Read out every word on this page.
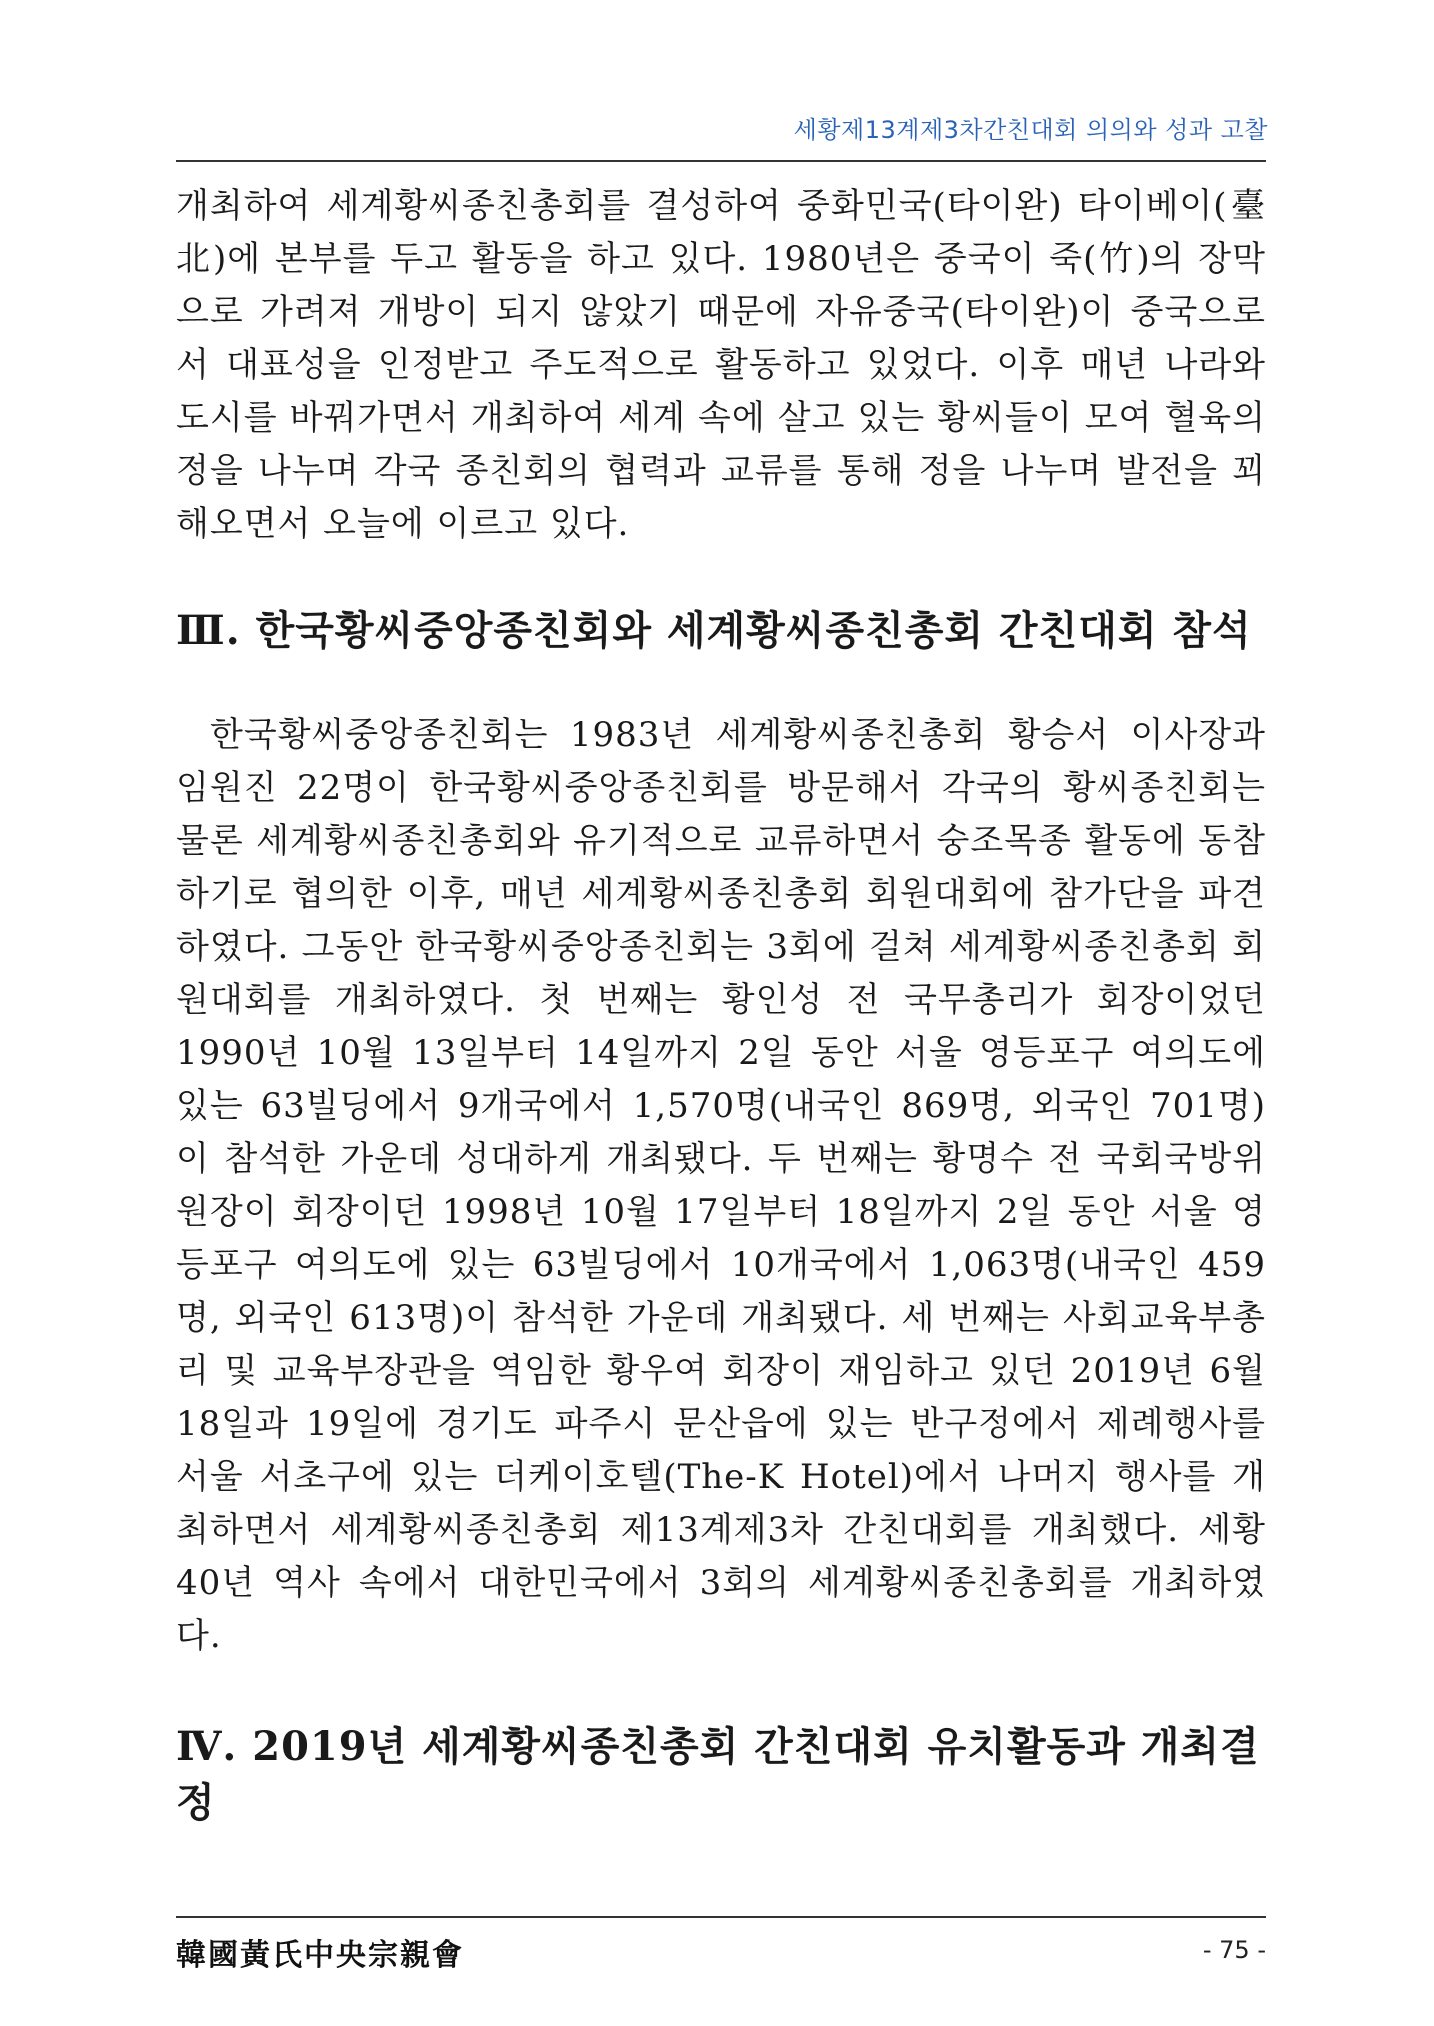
세황제13계제3차간친대회 의의와 성과 고찰

개최하여 세계황씨종친총회를 결성하여 중화민국(타이완) 타이베이(臺北)에 본부를 두고 활동을 하고 있다. 1980년은 중국이 죽(竹)의 장막으로 가려져 개방이 되지 않았기 때문에 자유중국(타이완)이 중국으로서 대표성을 인정받고 주도적으로 활동하고 있었다. 이후 매년 나라와 도시를 바꿔가면서 개최하여 세계 속에 살고 있는 황씨들이 모여 혈육의 정을 나누며 각국 종친회의 협력과 교류를 통해 정을 나누며 발전을 꾀해오면서 오늘에 이르고 있다.

Ⅲ. 한국황씨중앙종친회와 세계황씨종친총회 간친대회 참석

한국황씨중앙종친회는 1983년 세계황씨종친총회 황승서 이사장과 임원진 22명이 한국황씨중앙종친회를 방문해서 각국의 황씨종친회는 물론 세계황씨종친총회와 유기적으로 교류하면서 숭조목종 활동에 동참하기로 협의한 이후, 매년 세계황씨종친총회 회원대회에 참가단을 파견하였다. 그동안 한국황씨중앙종친회는 3회에 걸쳐 세계황씨종친총회 회원대회를 개최하였다. 첫 번째는 황인성 전 국무총리가 회장이었던 1990년 10월 13일부터 14일까지 2일 동안 서울 영등포구 여의도에 있는 63빌딩에서 9개국에서 1,570명(내국인 869명, 외국인 701명)이 참석한 가운데 성대하게 개최됐다. 두 번째는 황명수 전 국회국방위원장이 회장이던 1998년 10월 17일부터 18일까지 2일 동안 서울 영등포구 여의도에 있는 63빌딩에서 10개국에서 1,063명(내국인 459명, 외국인 613명)이 참석한 가운데 개최됐다. 세 번째는 사회교육부총리 및 교육부장관을 역임한 황우여 회장이 재임하고 있던 2019년 6월 18일과 19일에 경기도 파주시 문산읍에 있는 반구정에서 제례행사를 서울 서초구에 있는 더케이호텔(The-K Hotel)에서 나머지 행사를 개최하면서 세계황씨종친총회 제13계제3차 간친대회를 개최했다. 세황 40년 역사 속에서 대한민국에서 3회의 세계황씨종친총회를 개최하였다.

Ⅳ. 2019년 세계황씨종친총회 간친대회 유치활동과 개최결정
韓國黃氏中央宗親會	- 75 -
